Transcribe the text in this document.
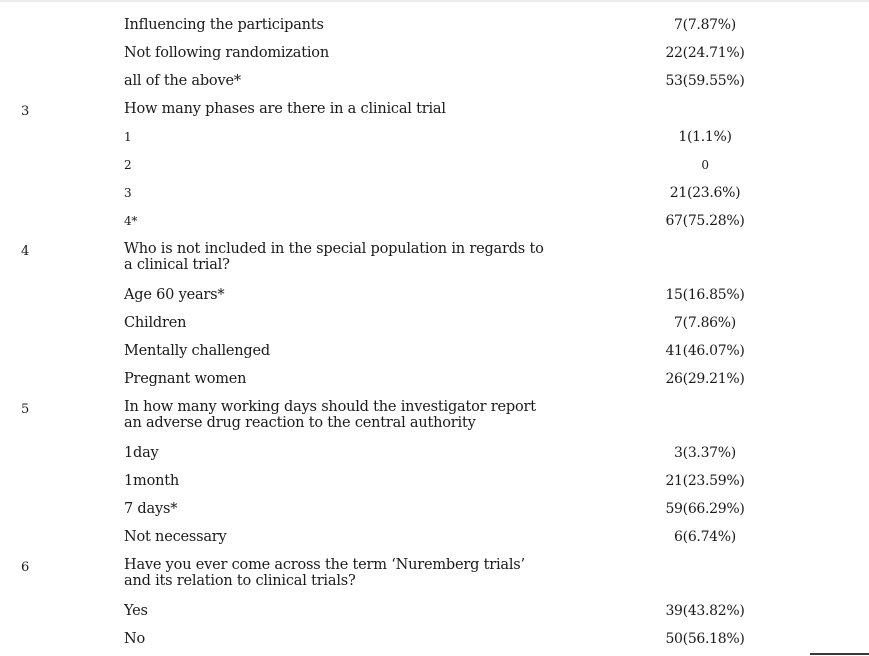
Influencing the participants	7(7.87%)
Not following randomization	22(24.71%)
all of the above*	53(59.55%)
3	How many phases are there in a clinical trial
1	1(1.1%)
2	0
3	21(23.6%)
4*	67(75.28%)
4	Who is not included in the special population in regards to a clinical trial?
Age 60 years*	15(16.85%)
Children	7(7.86%)
Mentally challenged	41(46.07%)
Pregnant women	26(29.21%)
5	In how many working days should the investigator report an adverse drug reaction to the central authority
1day	3(3.37%)
1month	21(23.59%)
7 days*	59(66.29%)
Not necessary	6(6.74%)
6	Have you ever come across the term ‘Nuremberg trials’ and its relation to clinical trials?
Yes	39(43.82%)
No	50(56.18%)
